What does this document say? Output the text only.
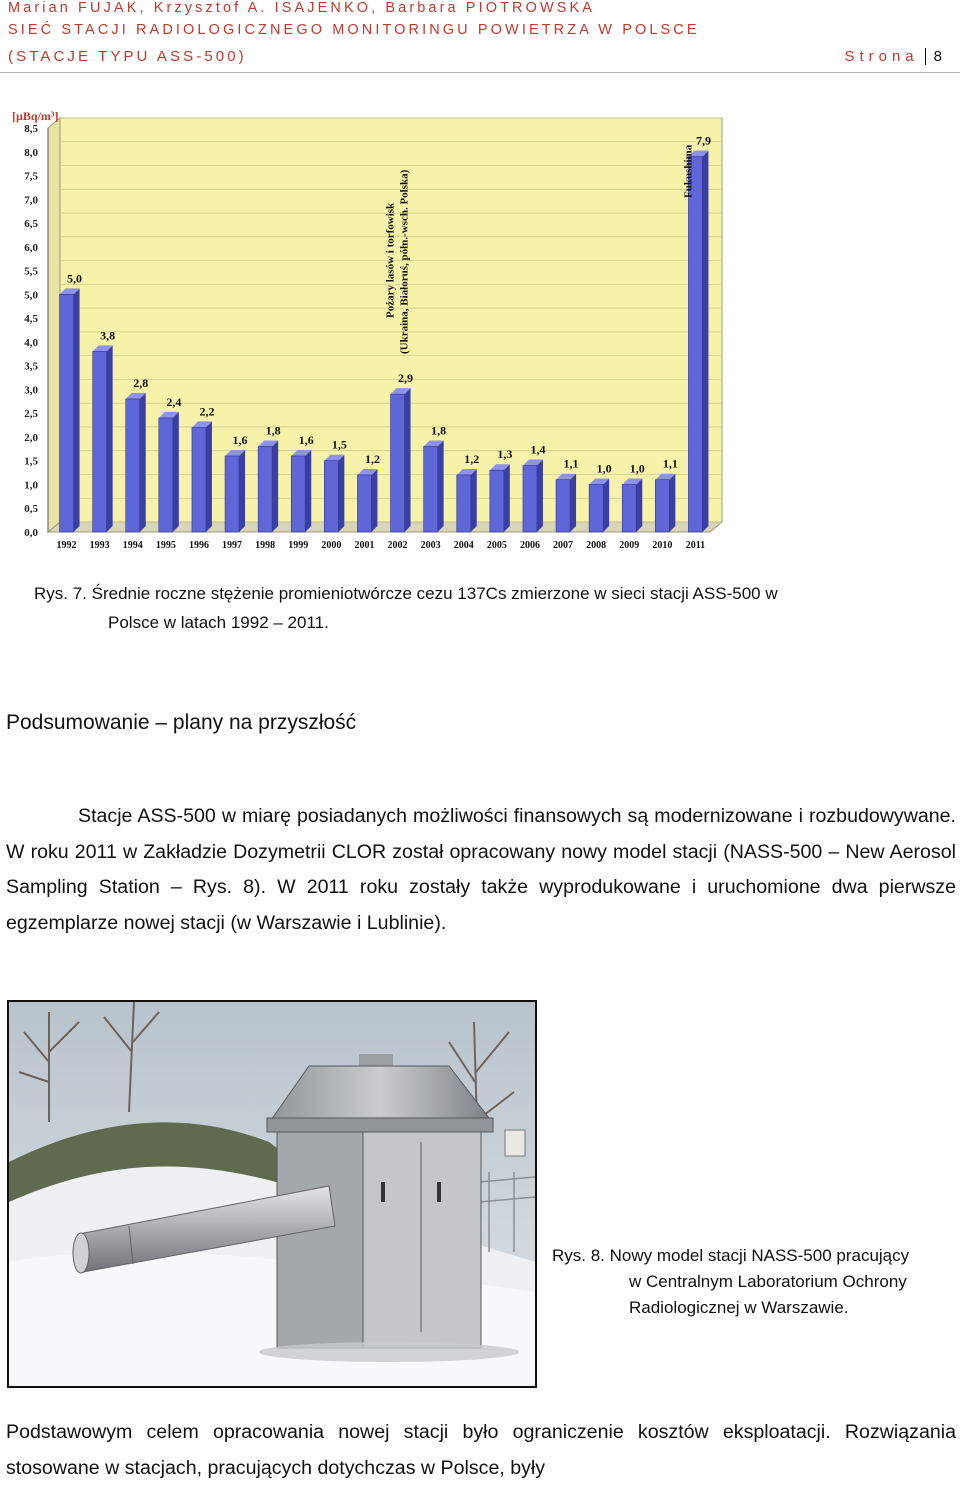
Marian FUJAK, Krzysztof A. ISAJENKO, Barbara PIOTROWSKA
SIEĆ STACJI RADIOLOGICZNEGO MONITORINGU POWIETRZA W POLSCE
(STACJE TYPU ASS-500)	Strona 8
0,0
0,5
1,0
1,5
2,0
2,5
3,0
3,5
4,0
4,5
5,0
5,5
6,0
6,5
7,0
7,5
8,0
8,5
[µBq/m³]
5,0
1992
3,8
1993
2,8
1994
2,4
1995
2,2
1996
1,6
1997
1,8
1998
1,6
1999
1,5
2000
1,2
2001
2,9
2002
1,8
2003
1,2
2004
1,3
2005
1,4
2006
1,1
2007
1,0
2008
1,0
2009
1,1
2010
7,9
2011
Pożary lasów i torfowisk (Ukraina, Białoruś, półn.-wsch. Polska)	Fukushima
Rys. 7. Średnie roczne stężenie promieniotwórcze cezu 137Cs zmierzone w sieci stacji ASS-500 w
Polsce w latach 1992 – 2011.
Podsumowanie – plany na przyszłość
Stacje ASS-500 w miarę posiadanych możliwości finansowych są modernizowane i rozbudowywane. W roku 2011 w Zakładzie Dozymetrii CLOR został opracowany nowy model stacji (NASS-500 – New Aerosol Sampling Station – Rys. 8). W 2011 roku zostały także wyprodukowane i uruchomione dwa pierwsze egzemplarze nowej stacji (w Warszawie i Lublinie).
Rys. 8. Nowy model stacji NASS-500 pracujący
w Centralnym Laboratorium Ochrony
Radiologicznej w Warszawie.
Podstawowym celem opracowania nowej stacji było ograniczenie kosztów eksploatacji. Rozwiązania stosowane w stacjach, pracujących dotychczas w Polsce, były
